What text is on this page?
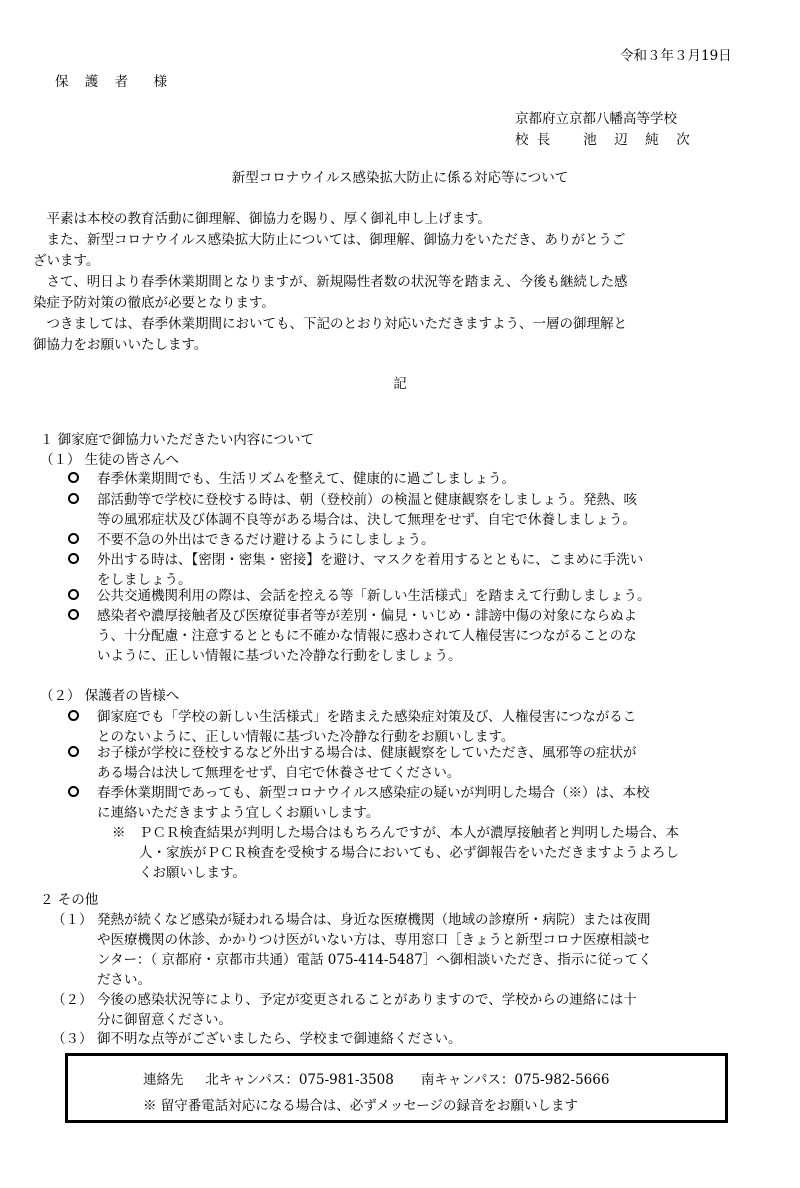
令和３年３月19日
保 護 者　様
京都府立京都八幡高等学校
校 長　　池　辺　純　次
新型コロナウイルス感染拡大防止に係る対応等について
　平素は本校の教育活動に御理解、御協力を賜り、厚く御礼申し上げます。
　また、新型コロナウイルス感染拡大防止については、御理解、御協力をいただき、ありがとうご
ざいます。
　さて、明日より春季休業期間となりますが、新規陽性者数の状況等を踏まえ、今後も継続した感
染症予防対策の徹底が必要となります。
　つきましては、春季休業期間においても、下記のとおり対応いただきますよう、一層の御理解と
御協力をお願いいたします。
記
１ 御家庭で御協力いただきたい内容について
（１） 生徒の皆さんへ
春季休業期間でも、生活リズムを整えて、健康的に過ごしましょう。
部活動等で学校に登校する時は、朝（登校前）の検温と健康観察をしましょう。発熱、咳
等の風邪症状及び体調不良等がある場合は、決して無理をせず、自宅で休養しましょう。
不要不急の外出はできるだけ避けるようにしましょう。
外出する時は、【密閉・密集・密接】を避け、マスクを着用するとともに、こまめに手洗い
をしましょう。
公共交通機関利用の際は、会話を控える等「新しい生活様式」を踏まえて行動しましょう。
感染者や濃厚接触者及び医療従事者等が差別・偏見・いじめ・誹謗中傷の対象にならぬよ
う、十分配慮・注意するとともに不確かな情報に惑わされて人権侵害につながることのな
いように、正しい情報に基づいた冷静な行動をしましょう。
（２） 保護者の皆様へ
御家庭でも「学校の新しい生活様式」を踏まえた感染症対策及び、人権侵害につながるこ
とのないように、正しい情報に基づいた冷静な行動をお願いします。
お子様が学校に登校するなど外出する場合は、健康観察をしていただき、風邪等の症状が
ある場合は決して無理をせず、自宅で休養させてください。
春季休業期間であっても、新型コロナウイルス感染症の疑いが判明した場合（※）は、本校
に連絡いただきますよう宜しくお願いします。
※　ＰＣＲ検査結果が判明した場合はもちろんですが、本人が濃厚接触者と判明した場合、本
人・家族がＰＣＲ検査を受検する場合においても、必ず御報告をいただきますようよろし
くお願いします。
２ その他
（１） 発熱が続くなど感染が疑われる場合は、身近な医療機関（地域の診療所・病院）または夜間
や医療機関の休診、かかりつけ医がいない方は、専用窓口［きょうと新型コロナ医療相談セ
ンター：（ 京都府・京都市共通）電話 075-414-5487］へ御相談いただき、指示に従ってく
ださい。
（２） 今後の感染状況等により、予定が変更されることがありますので、学校からの連絡には十
分に御留意ください。
（３） 御不明な点等がございましたら、学校まで御連絡ください。
連絡先　 北キャンパス：075-981-3508　　南キャンパス：075-982-5666
※ 留守番電話対応になる場合は、必ずメッセージの録音をお願いします
